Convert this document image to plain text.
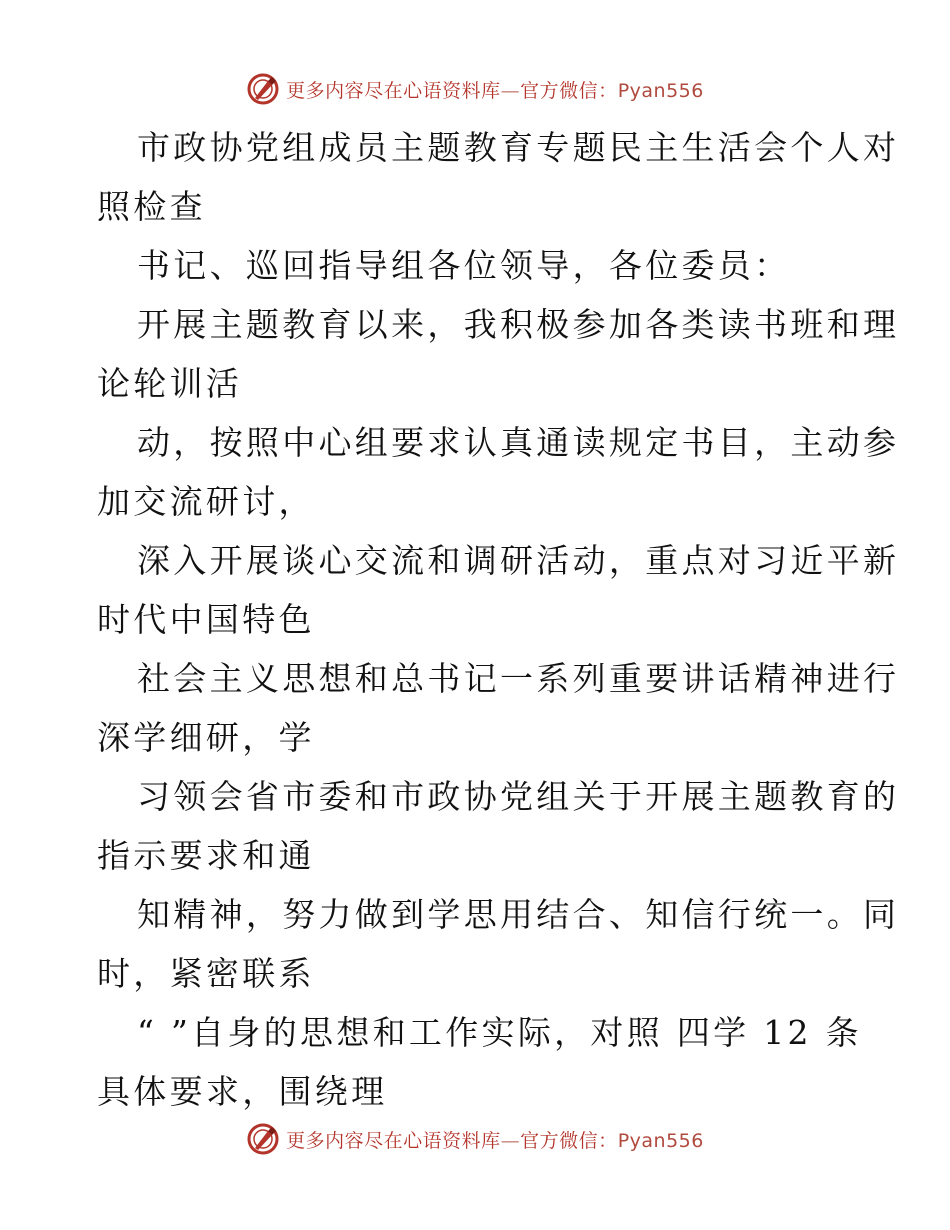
更多内容尽在心语资料库—官方微信：Pyan556
市政协党组成员主题教育专题民主生活会个人对
照检查
书记、巡回指导组各位领导，各位委员：
开展主题教育以来，我积极参加各类读书班和理
论轮训活
动，按照中心组要求认真通读规定书目，主动参
加交流研讨，
深入开展谈心交流和调研活动，重点对习近平新
时代中国特色
社会主义思想和总书记一系列重要讲话精神进行
深学细研，学
习领会省市委和市政协党组关于开展主题教育的
指示要求和通
知精神，努力做到学思用结合、知信行统一。同
时，紧密联系
“ ”自身的思想和工作实际，对照 四学 12 条
具体要求，围绕理
更多内容尽在心语资料库—官方微信：Pyan556
